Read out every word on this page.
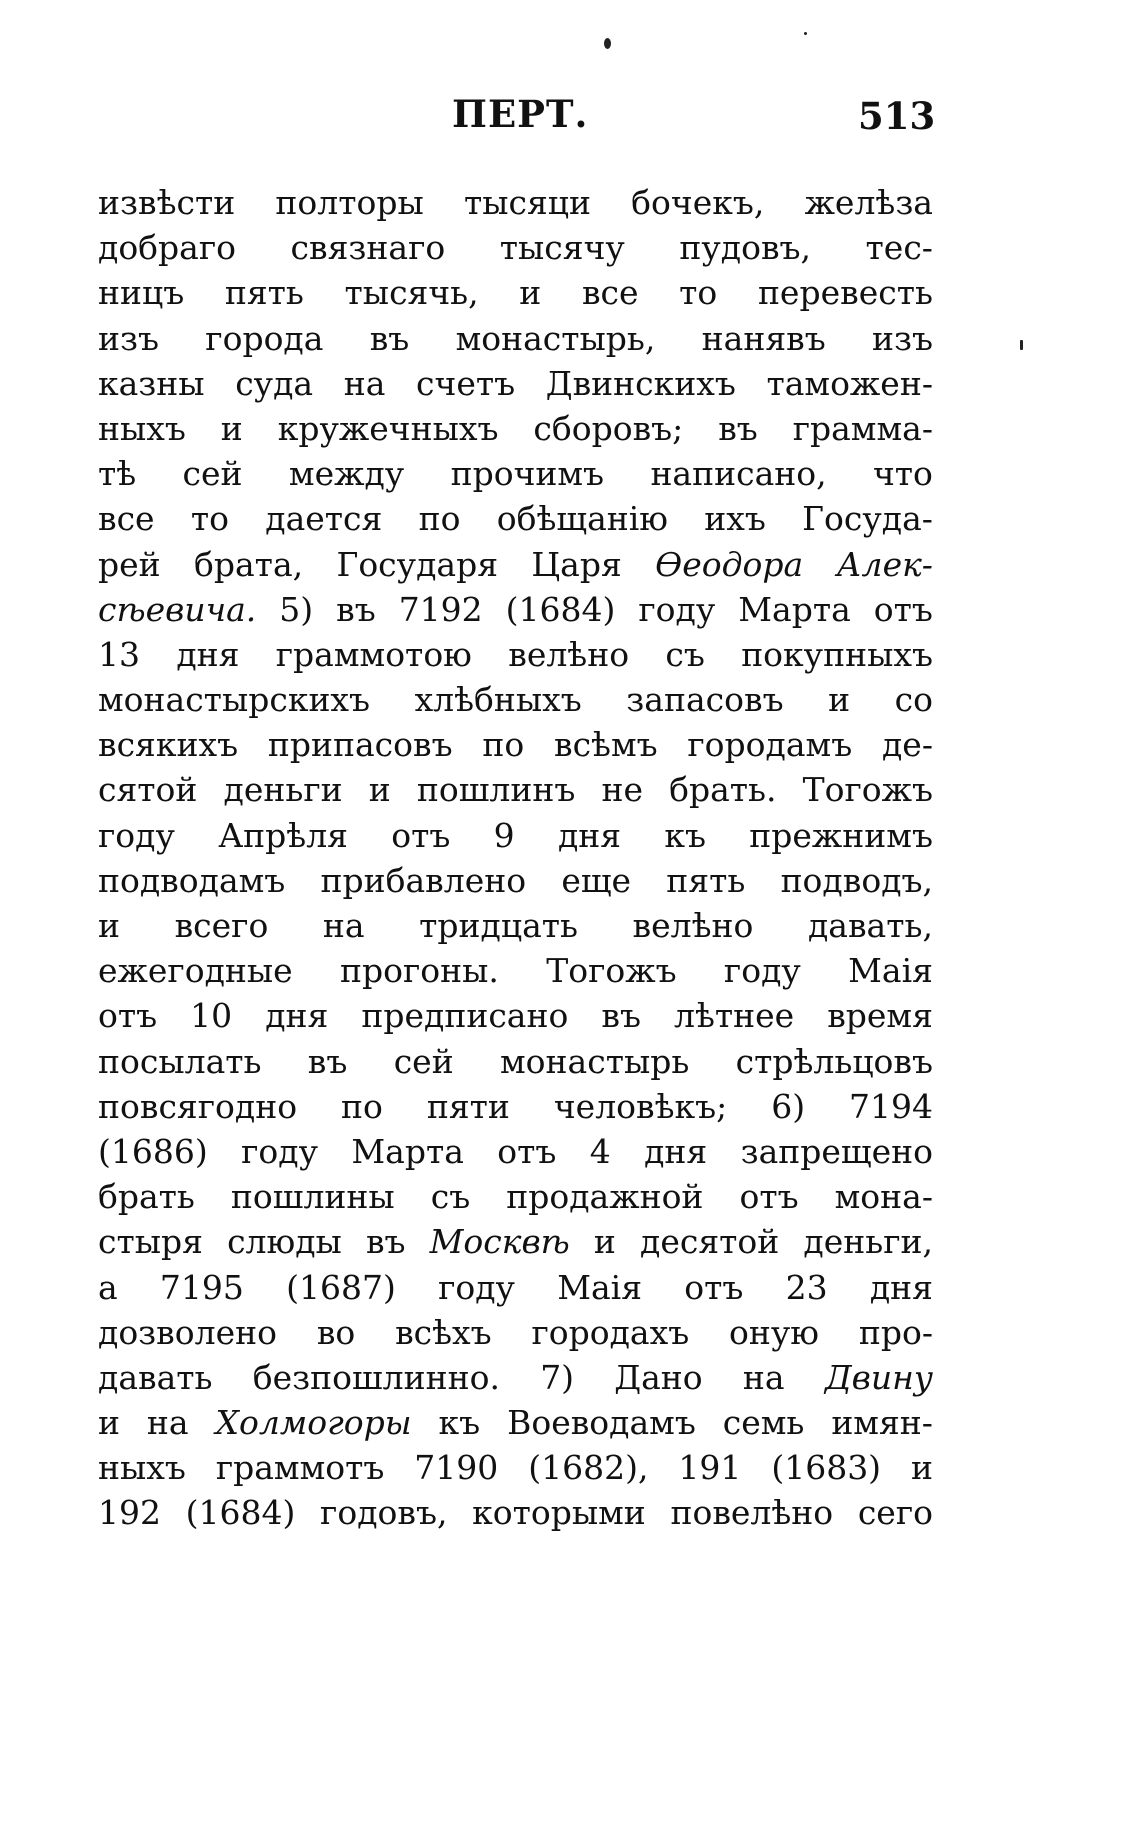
ПЕРТ.	513
извѣсти полторы тысяци бочекъ, желѣза
добраго связнаго тысячу пудовъ, тес-
ницъ пять тысячь, и все то перевесть
изъ города въ монастырь, нанявъ изъ
казны суда на счетъ Двинскихъ таможен-
ныхъ и кружечныхъ сборовъ; въ грамма-
тѣ сей между прочимъ написано, что
все то дается по обѣщанію ихъ Госуда-
рей брата, Государя Царя Ѳеодора Алек-
сѣевича. 5) въ 7192 (1684) году Марта отъ
13 дня граммотою велѣно съ покупныхъ
монастырскихъ хлѣбныхъ запасовъ и со
всякихъ припасовъ по всѣмъ городамъ де-
сятой деньги и пошлинъ не брать. Тогожъ
году Апрѣля отъ 9 дня къ прежнимъ
подводамъ прибавлено еще пять подводъ,
и всего на тридцать велѣно давать,
ежегодные прогоны. Тогожъ году Маія
отъ 10 дня предписано въ лѣтнее время
посылать въ сей монастырь стрѣльцовъ
повсягодно по пяти человѣкъ; 6) 7194
(1686) году Марта отъ 4 дня запрещено
брать пошлины съ продажной отъ мона-
стыря слюды въ Москвѣ и десятой деньги,
а 7195 (1687) году Маія отъ 23 дня
дозволено во всѣхъ городахъ оную про-
давать безпошлинно. 7) Дано на Двину
и на Холмогоры къ Воеводамъ семь имян-
ныхъ граммотъ 7190 (1682), 191 (1683) и
192 (1684) годовъ, которыми повелѣно сего
